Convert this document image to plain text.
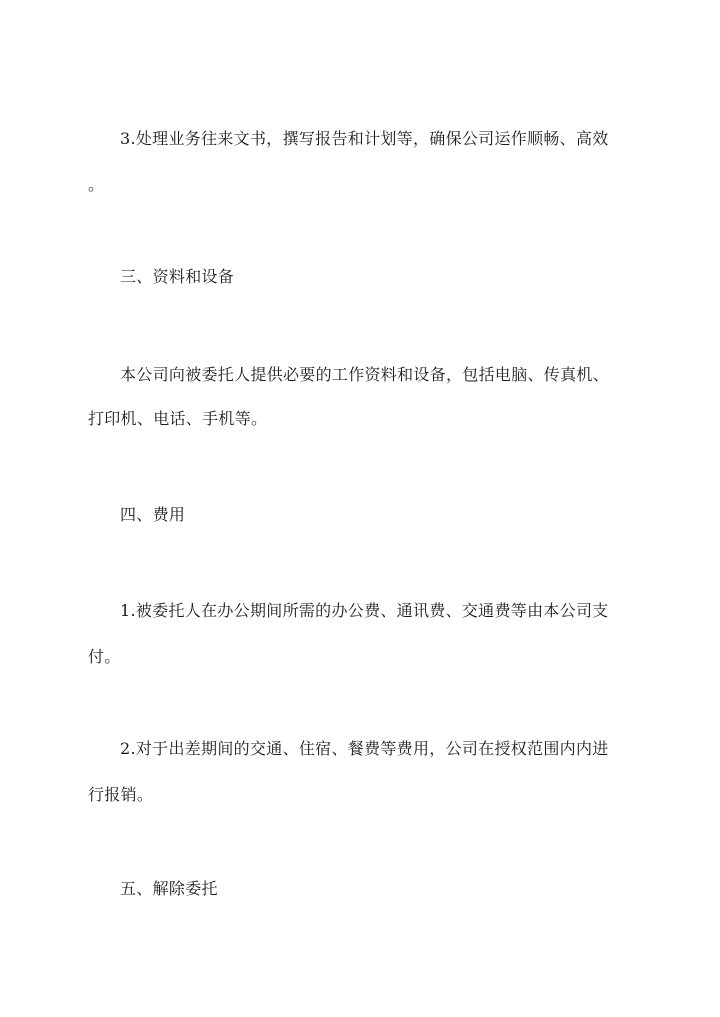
3.处理业务往来文书，撰写报告和计划等，确保公司运作顺畅、高效
。
三、资料和设备
本公司向被委托人提供必要的工作资料和设备，包括电脑、传真机、
打印机、电话、手机等。
四、费用
1.被委托人在办公期间所需的办公费、通讯费、交通费等由本公司支
付。
2.对于出差期间的交通、住宿、餐费等费用，公司在授权范围内内进
行报销。
五、解除委托
